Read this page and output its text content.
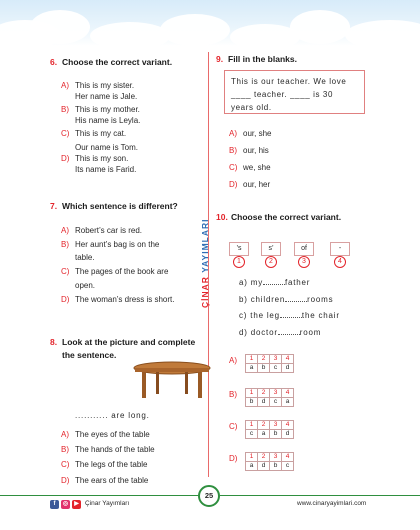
6. Choose the correct variant.
A) This is my sister.
Her name is Jale.
B) This is my mother.
His name is Leyla.
C) This is my cat.
Our name is Tom.
D) This is my son.
Its name is Farid.
7. Which sentence is different?
A) Robert’s car is red.
B) Her aunt’s bag is on the
table.
C) The pages of the book are
open.
D) The woman’s dress is short.
8. Look at the picture and complete
the sentence.
........... are long.
A) The eyes of the table
B) The hands of the table
C) The legs of the table
D) The ears of the table
ÇİNAR YAYIMLARI
9. Fill in the blanks.
This is our teacher. We love
____ teacher. ____ is 30
years old.
A) our, she
B) our, his
C) we, she
D) our, her
10. Choose the correct variant.
’s
1
s’
2
of
3
-
4
a) my	father
b) children	rooms
c) the leg	the chair
d) doctor	room
A)	1	2	3	4
a	b	c	d
B)	1	2	3	4
b	d	c	a
C)	1	2	3	4
c	a	b	d
D)	1	2	3	4
a	d	b	c
25
f	◎	▶ Çinar Yayımları	www.cinaryayimlari.com
